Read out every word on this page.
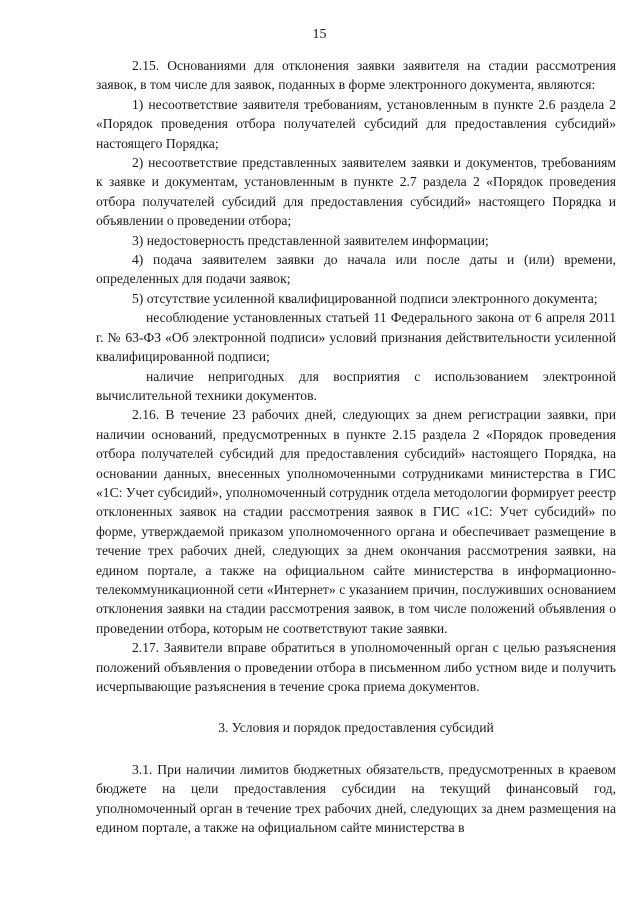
15

2.15. Основаниями для отклонения заявки заявителя на стадии рассмотрения заявок, в том числе для заявок, поданных в форме электронного документа, являются:

1) несоответствие заявителя требованиям, установленным в пункте 2.6 раздела 2 «Порядок проведения отбора получателей субсидий для предоставления субсидий» настоящего Порядка;

2) несоответствие представленных заявителем заявки и документов, требованиям к заявке и документам, установленным в пункте 2.7 раздела 2 «Порядок проведения отбора получателей субсидий для предоставления субсидий» настоящего Порядка и объявлении о проведении отбора;

3) недостоверность представленной заявителем информации;

4) подача заявителем заявки до начала или после даты и (или) времени, определенных для подачи заявок;

5) отсутствие усиленной квалифицированной подписи электронного документа;

несоблюдение установленных статьей 11 Федерального закона от 6 апреля 2011 г. № 63-ФЗ «Об электронной подписи» условий признания действительности усиленной квалифицированной подписи;

наличие непригодных для восприятия с использованием электронной вычислительной техники документов.

2.16. В течение 23 рабочих дней, следующих за днем регистрации заявки, при наличии оснований, предусмотренных в пункте 2.15 раздела 2 «Порядок проведения отбора получателей субсидий для предоставления субсидий» настоящего Порядка, на основании данных, внесенных уполномоченными сотрудниками министерства в ГИС «1С: Учет субсидий», уполномоченный сотрудник отдела методологии формирует реестр отклоненных заявок на стадии рассмотрения заявок в ГИС «1С: Учет субсидий» по форме, утверждаемой приказом уполномоченного органа и обеспечивает размещение в течение трех рабочих дней, следующих за днем окончания рассмотрения заявки, на едином портале, а также на официальном сайте министерства в информационно-телекоммуникационной сети «Интернет» с указанием причин, послуживших основанием отклонения заявки на стадии рассмотрения заявок, в том числе положений объявления о проведении отбора, которым не соответствуют такие заявки.

2.17. Заявители вправе обратиться в уполномоченный орган с целью разъяснения положений объявления о проведении отбора в письменном либо устном виде и получить исчерпывающие разъяснения в течение срока приема документов.

3. Условия и порядок предоставления субсидий

3.1. При наличии лимитов бюджетных обязательств, предусмотренных в краевом бюджете на цели предоставления субсидии на текущий финансовый год, уполномоченный орган в течение трех рабочих дней, следующих за днем размещения на едином портале, а также на официальном сайте министерства в
